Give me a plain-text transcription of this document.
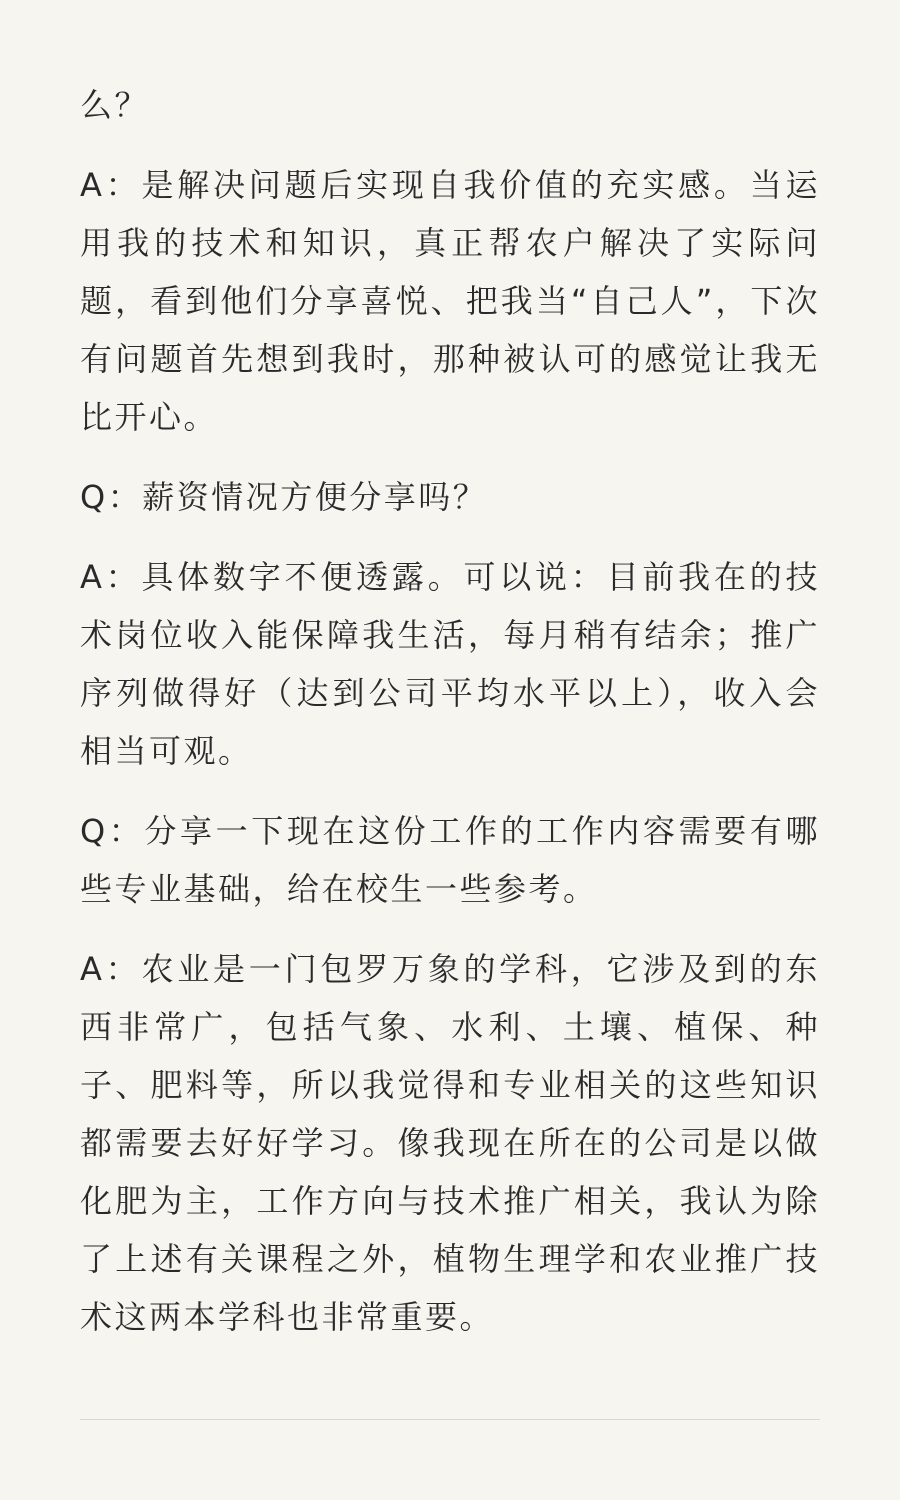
么？

A：是解决问题后实现自我价值的充实感。当运用我的技术和知识，真正帮农户解决了实际问题，看到他们分享喜悦、把我当“自己人”，下次有问题首先想到我时，那种被认可的感觉让我无比开心。

Q：薪资情况方便分享吗？

A：具体数字不便透露。可以说：目前我在的技术岗位收入能保障我生活，每月稍有结余；推广序列做得好（达到公司平均水平以上），收入会相当可观。

Q：分享一下现在这份工作的工作内容需要有哪些专业基础，给在校生一些参考。

A：农业是一门包罗万象的学科，它涉及到的东西非常广，包括气象、水利、土壤、植保、种子、肥料等，所以我觉得和专业相关的这些知识都需要去好好学习。像我现在所在的公司是以做化肥为主，工作方向与技术推广相关，我认为除了上述有关课程之外，植物生理学和农业推广技术这两本学科也非常重要。
